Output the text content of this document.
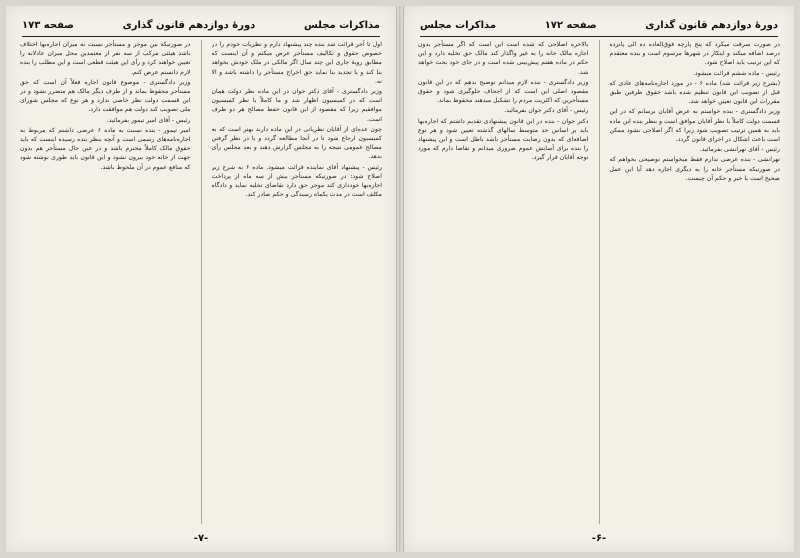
مذاکرات مجلس
دورهٔ دوازدهم قانون گذاری
صفحه ۱۷۳

اول تا آخر قرائت شد بنده چند پیشنهاد دارم و نظریات خودم را در خصوص حقوق و تکالیف مستأجر عرض میکنم و آن اینست که مطابق رویهٔ جاری این چند سال اگر مالکی در ملک خودش بخواهد بنا کند و یا تجدید بنا نماید حق اخراج مستأجر را داشته باشد و الا نه.

وزیر دادگستری - آقای دکتر جوان در این ماده نظر دولت همان است که در کمیسیون اظهار شد و ما کاملاً با نظر کمیسیون موافقیم زیرا که مقصود از این قانون حفظ مصالح هر دو طرف است.

چون عده‌ای از آقایان نظریاتی در این ماده دارند بهتر است که به کمیسیون ارجاع شود تا در آنجا مطالعه گردد و با در نظر گرفتن مصالح عمومی نتیجه را به مجلس گزارش دهند و بعد مجلس رأی بدهد.

رئیس - پیشنهاد آقای نماینده قرائت میشود. ماده ۶ به شرح زیر اصلاح شود: در صورتیکه مستأجر بیش از سه ماه از پرداخت اجاره‌بها خودداری کند موجر حق دارد تقاضای تخلیه نماید و دادگاه مکلف است در مدت یکماه رسیدگی و حکم صادر کند.

در صورتیکه بین موجر و مستأجر نسبت به میزان اجاره‌بها اختلاف باشد هیئتی مرکب از سه نفر از معتمدین محل میزان عادلانه را تعیین خواهند کرد و رأی این هیئت قطعی است و این مطلب را بنده لازم دانستم عرض کنم.

وزیر دادگستری - موضوع قانون اجاره فعلاً آن است که حق مستأجر محفوظ بماند و از طرف دیگر مالک هم متضرر نشود و در این قسمت دولت نظر خاصی ندارد و هر نوع که مجلس شورای ملی تصویب کند دولت هم موافقت دارد.

رئیس - آقای امیر تیمور بفرمائید.

امیر تیمور - بنده نسبت به ماده ۶ عرضی داشتم که مربوط به اجاره‌نامه‌های رسمی است و آنچه بنظر بنده رسیده اینست که باید حقوق مالک کاملاً محترم باشد و در عین حال مستأجر هم بدون جهت از خانه خود بیرون نشود و این قانون باید طوری نوشته شود که منافع عموم در آن ملحوظ باشد.

-۷-
دورهٔ دوازدهم قانون گذاری
صفحه ۱۷۲
مذاکرات مجلس

در صورت سرقت میکرد که پنج پارچه فوق‌العاده ده الی پانزده درصد اضافه میکند و اینکار در شهرها مرسوم است و بنده معتقدم که این ترتیب باید اصلاح شود.

رئیس - ماده ششم قرائت میشود.

(بشرح زیر قرائت شد) ماده ۶ - در مورد اجاره‌نامه‌های عادی که قبل از تصویب این قانون تنظیم شده باشد حقوق طرفین طبق مقررات این قانون تعیین خواهد شد.

وزیر دادگستری - بنده خواستم به عرض آقایان برسانم که در این قسمت دولت کاملاً با نظر آقایان موافق است و بنظر بنده این ماده باید به همین ترتیب تصویب شود زیرا که اگر اصلاحی بشود ممکن است باعث اشکال در اجرای قانون گردد.

رئیس - آقای تهرانشی بفرمائید.

تهرانشی - بنده عرضی ندارم فقط میخواستم توضیحی بخواهم که در صورتیکه مستأجر خانه را به دیگری اجاره دهد آیا این عمل صحیح است یا خیر و حکم آن چیست.

بالاخره اصلاحی که شده است این است که اگر مستأجر بدون اجازه مالک خانه را به غیر واگذار کند مالک حق تخلیه دارد و این حکم در ماده هفتم پیش‌بینی شده است و در جای خود بحث خواهد شد.

وزیر دادگستری - بنده لازم میدانم توضیح بدهم که در این قانون مقصود اصلی این است که از اجحاف جلوگیری شود و حقوق مستأجرین که اکثریت مردم را تشکیل میدهند محفوظ بماند.

رئیس - آقای دکتر جوان بفرمائید.

دکتر جوان - بنده در این قانون پیشنهادی تقدیم داشتم که اجاره‌بها باید بر اساس حد متوسط سالهای گذشته تعیین شود و هر نوع اضافه‌ای که بدون رضایت مستأجر باشد باطل است و این پیشنهاد را بنده برای آسایش عموم ضروری میدانم و تقاضا دارم که مورد توجه آقایان قرار گیرد.

-۶-
